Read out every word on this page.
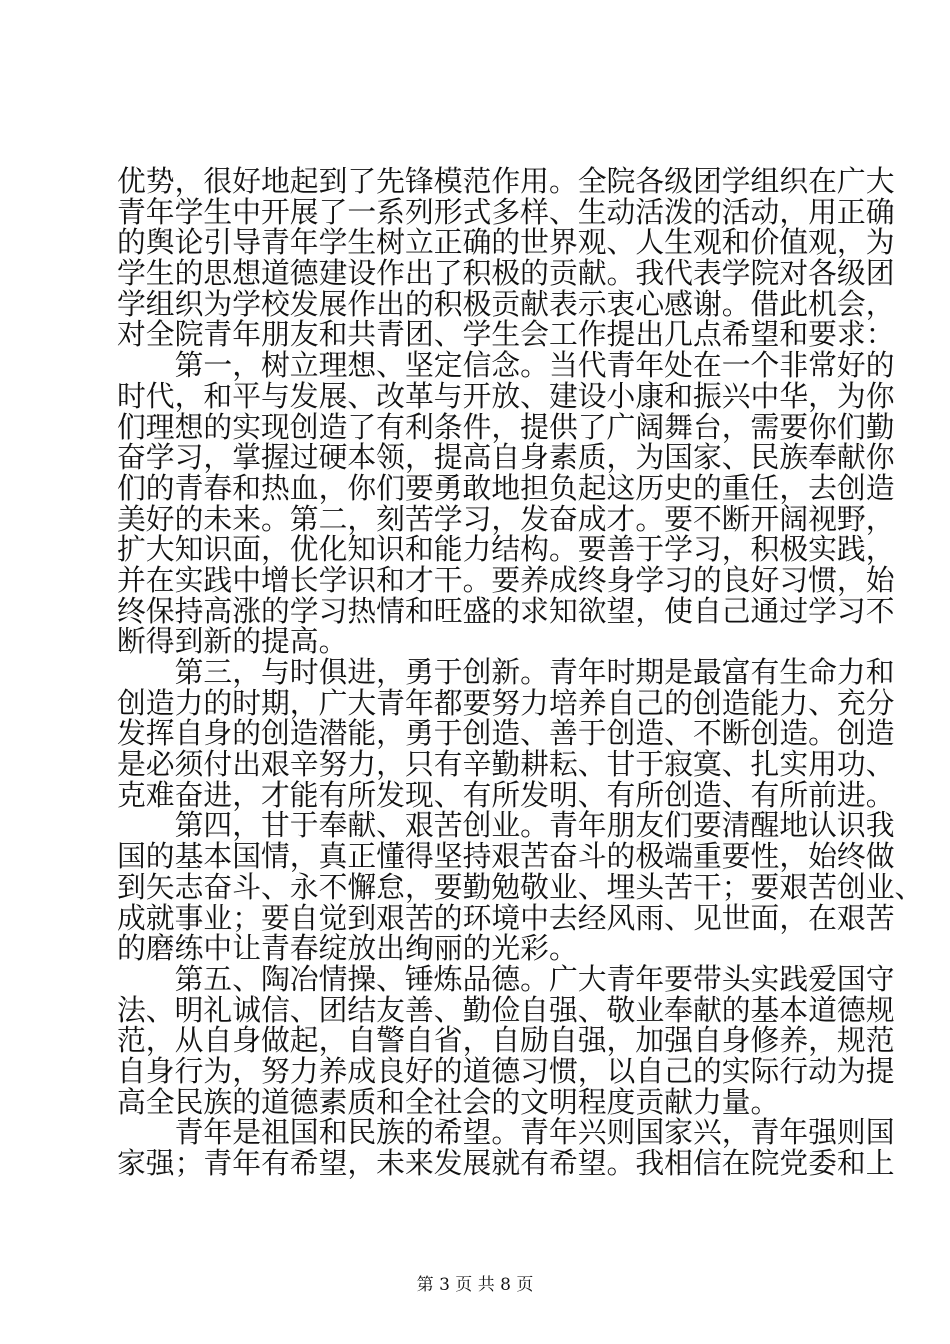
优势，很好地起到了先锋模范作用。全院各级团学组织在广大
青年学生中开展了一系列形式多样、生动活泼的活动，用正确
的舆论引导青年学生树立正确的世界观、人生观和价值观，为
学生的思想道德建设作出了积极的贡献。我代表学院对各级团
学组织为学校发展作出的积极贡献表示衷心感谢。借此机会，
对全院青年朋友和共青团、学生会工作提出几点希望和要求：
　　第一，树立理想、坚定信念。当代青年处在一个非常好的
时代，和平与发展、改革与开放、建设小康和振兴中华，为你
们理想的实现创造了有利条件，提供了广阔舞台，需要你们勤
奋学习，掌握过硬本领，提高自身素质，为国家、民族奉献你
们的青春和热血，你们要勇敢地担负起这历史的重任，去创造
美好的未来。第二，刻苦学习，发奋成才。要不断开阔视野，
扩大知识面，优化知识和能力结构。要善于学习，积极实践，
并在实践中增长学识和才干。要养成终身学习的良好习惯，始
终保持高涨的学习热情和旺盛的求知欲望，使自己通过学习不
断得到新的提高。
　　第三，与时俱进，勇于创新。青年时期是最富有生命力和
创造力的时期，广大青年都要努力培养自己的创造能力、充分
发挥自身的创造潜能，勇于创造、善于创造、不断创造。创造
是必须付出艰辛努力，只有辛勤耕耘、甘于寂寞、扎实用功、
克难奋进，才能有所发现、有所发明、有所创造、有所前进。
　　第四，甘于奉献、艰苦创业。青年朋友们要清醒地认识我
国的基本国情，真正懂得坚持艰苦奋斗的极端重要性，始终做
到矢志奋斗、永不懈怠，要勤勉敬业、埋头苦干；要艰苦创业、
成就事业；要自觉到艰苦的环境中去经风雨、见世面，在艰苦
的磨练中让青春绽放出绚丽的光彩。
　　第五、陶冶情操、锤炼品德。广大青年要带头实践爱国守
法、明礼诚信、团结友善、勤俭自强、敬业奉献的基本道德规
范，从自身做起，自警自省，自励自强，加强自身修养，规范
自身行为，努力养成良好的道德习惯，以自己的实际行动为提
高全民族的道德素质和全社会的文明程度贡献力量。
　　青年是祖国和民族的希望。青年兴则国家兴，青年强则国
家强；青年有希望，未来发展就有希望。我相信在院党委和上
第 3 页 共 8 页
